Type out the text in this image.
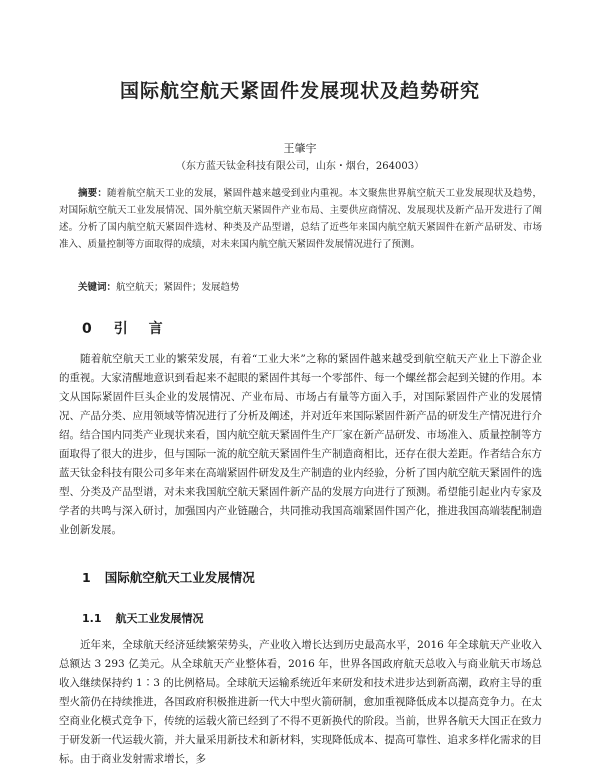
国际航空航天紧固件发展现状及趋势研究
王肇宇
（东方蓝天钛金科技有限公司，山东・烟台，264003）
摘要：随着航空航天工业的发展，紧固件越来越受到业内重视。本文聚焦世界航空航天工业发展现状及趋势，对国际航空航天工业发展情况、国外航空航天紧固件产业布局、主要供应商情况、发展现状及新产品开发进行了阐述。分析了国内航空航天紧固件选材、种类及产品型谱，总结了近些年来国内航空航天紧固件在新产品研发、市场准入、质量控制等方面取得的成绩，对未来国内航空航天紧固件发展情况进行了预测。
关键词：航空航天；紧固件；发展趋势
0 引 言
随着航空航天工业的繁荣发展，有着“工业大米”之称的紧固件越来越受到航空航天产业上下游企业的重视。大家清醒地意识到看起来不起眼的紧固件其每一个零部件、每一个螺丝都会起到关键的作用。本文从国际紧固件巨头企业的发展情况、产业布局、市场占有量等方面入手，对国际紧固件产业的发展情况、产品分类、应用领域等情况进行了分析及阐述，并对近年来国际紧固件新产品的研发生产情况进行介绍。结合国内同类产业现状来看，国内航空航天紧固件生产厂家在新产品研发、市场准入、质量控制等方面取得了很大的进步，但与国际一流的航空航天紧固件生产制造商相比，还存在很大差距。作者结合东方蓝天钛金科技有限公司多年来在高端紧固件研发及生产制造的业内经验，分析了国内航空航天紧固件的选型、分类及产品型谱，对未来我国航空航天紧固件新产品的发展方向进行了预测。希望能引起业内专家及学者的共鸣与深入研讨，加强国内产业链融合，共同推动我国高端紧固件国产化，推进我国高端装配制造业创新发展。
1 国际航空航天工业发展情况
1.1 航天工业发展情况
近年来，全球航天经济延续繁荣势头，产业收入增长达到历史最高水平，2016 年全球航天产业收入总额达 3 293 亿美元。从全球航天产业整体看，2016 年，世界各国政府航天总收入与商业航天市场总收入继续保持约 1∶3 的比例格局。全球航天运输系统近年来研发和技术进步达到新高潮，政府主导的重型火箭仍在持续推进，各国政府积极推进新一代大中型火箭研制，愈加重视降低成本以提高竞争力。在太空商业化模式竞争下，传统的运载火箭已经到了不得不更新换代的阶段。当前，世界各航天大国正在致力于研发新一代运载火箭，并大量采用新技术和新材料，实现降低成本、提高可靠性、追求多样化需求的目标。由于商业发射需求增长，多
